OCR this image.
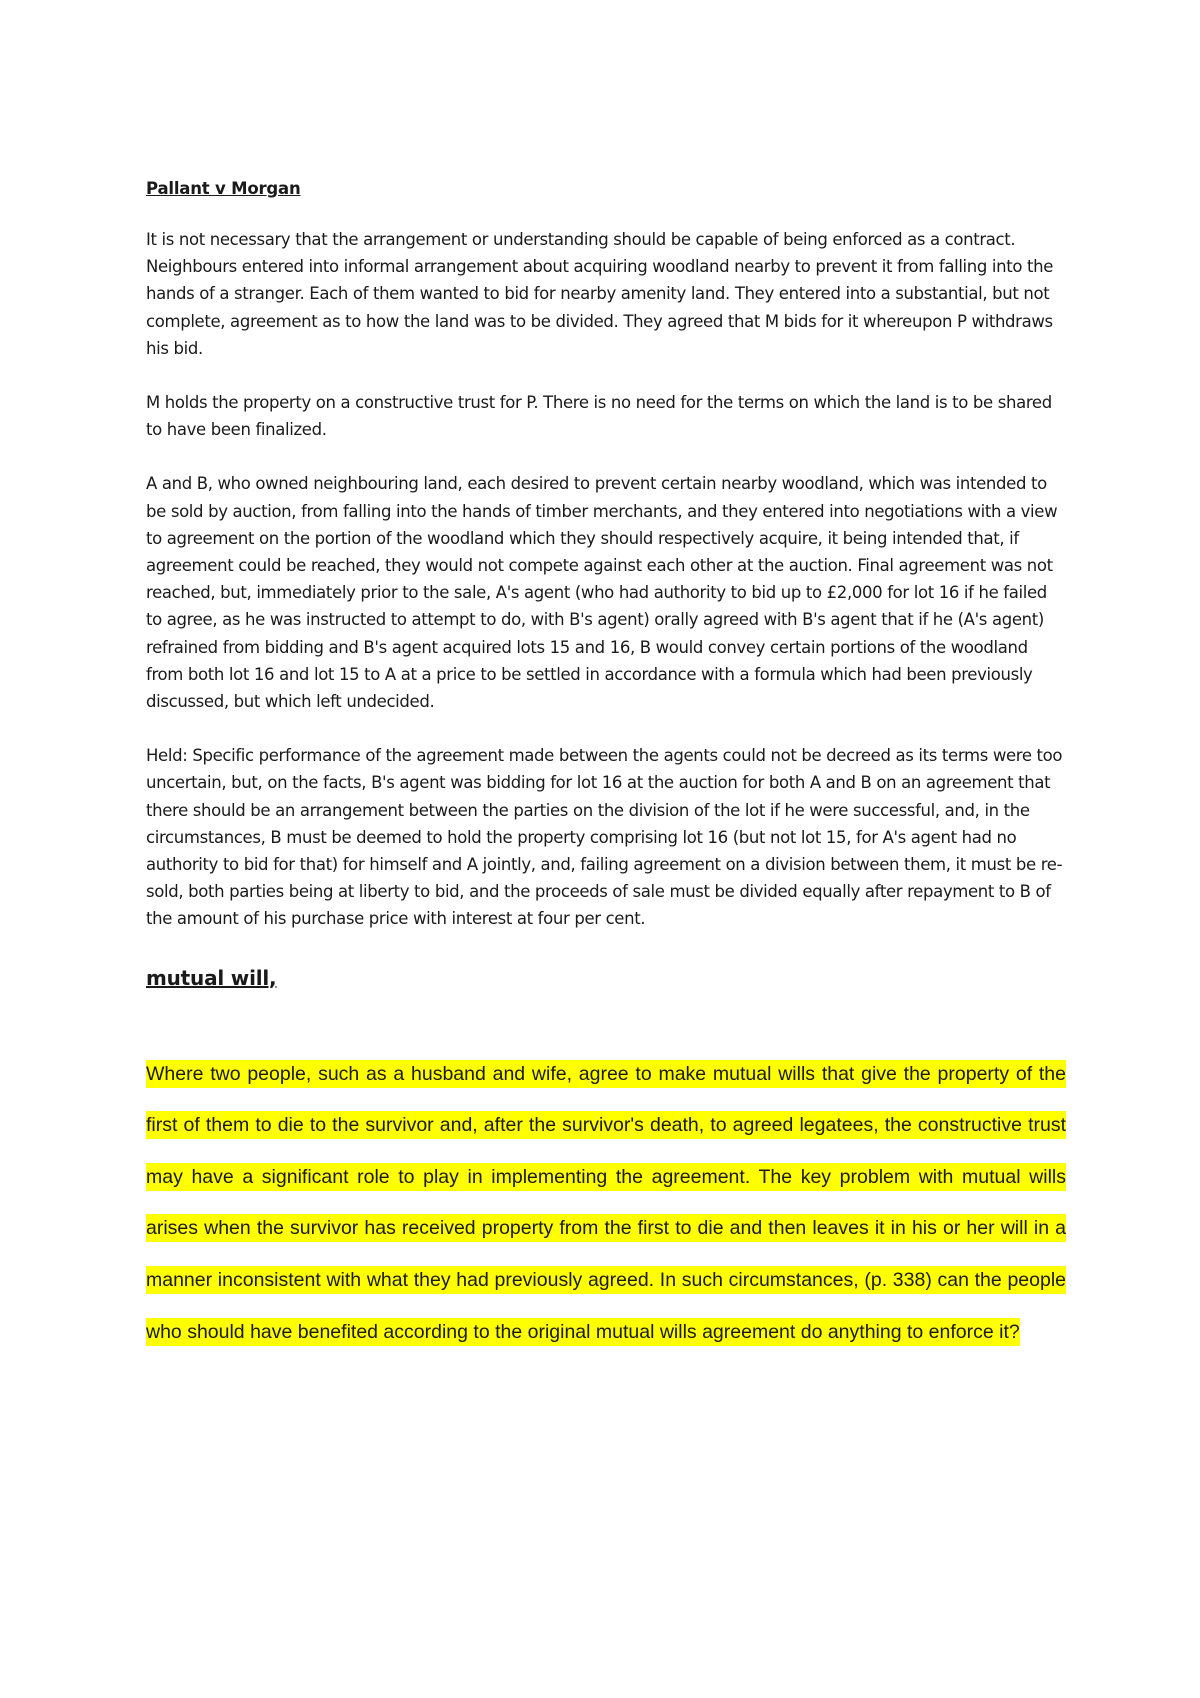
Pallant v Morgan

It is not necessary that the arrangement or understanding should be capable of being enforced as a contract. Neighbours entered into informal arrangement about acquiring woodland nearby to prevent it from falling into the hands of a stranger. Each of them wanted to bid for nearby amenity land. They entered into a substantial, but not complete, agreement as to how the land was to be divided. They agreed that M bids for it whereupon P withdraws his bid.

M holds the property on a constructive trust for P. There is no need for the terms on which the land is to be shared to have been finalized.

A and B, who owned neighbouring land, each desired to prevent certain nearby woodland, which was intended to be sold by auction, from falling into the hands of timber merchants, and they entered into negotiations with a view to agreement on the portion of the woodland which they should respectively acquire, it being intended that, if agreement could be reached, they would not compete against each other at the auction. Final agreement was not reached, but, immediately prior to the sale, A's agent (who had authority to bid up to £2,000 for lot 16 if he failed to agree, as he was instructed to attempt to do, with B's agent) orally agreed with B's agent that if he (A's agent) refrained from bidding and B's agent acquired lots 15 and 16, B would convey certain portions of the woodland from both lot 16 and lot 15 to A at a price to be settled in accordance with a formula which had been previously discussed, but which left undecided.

Held: Specific performance of the agreement made between the agents could not be decreed as its terms were too uncertain, but, on the facts, B's agent was bidding for lot 16 at the auction for both A and B on an agreement that there should be an arrangement between the parties on the division of the lot if he were successful, and, in the circumstances, B must be deemed to hold the property comprising lot 16 (but not lot 15, for A's agent had no authority to bid for that) for himself and A jointly, and, failing agreement on a division between them, it must be re-sold, both parties being at liberty to bid, and the proceeds of sale must be divided equally after repayment to B of the amount of his purchase price with interest at four per cent.

mutual will,

Where two people, such as a husband and wife, agree to make mutual wills that give the property of the first of them to die to the survivor and, after the survivor's death, to agreed legatees, the constructive trust may have a significant role to play in implementing the agreement. The key problem with mutual wills arises when the survivor has received property from the first to die and then leaves it in his or her will in a manner inconsistent with what they had previously agreed. In such circumstances, (p. 338) can the people who should have benefited according to the original mutual wills agreement do anything to enforce it?
